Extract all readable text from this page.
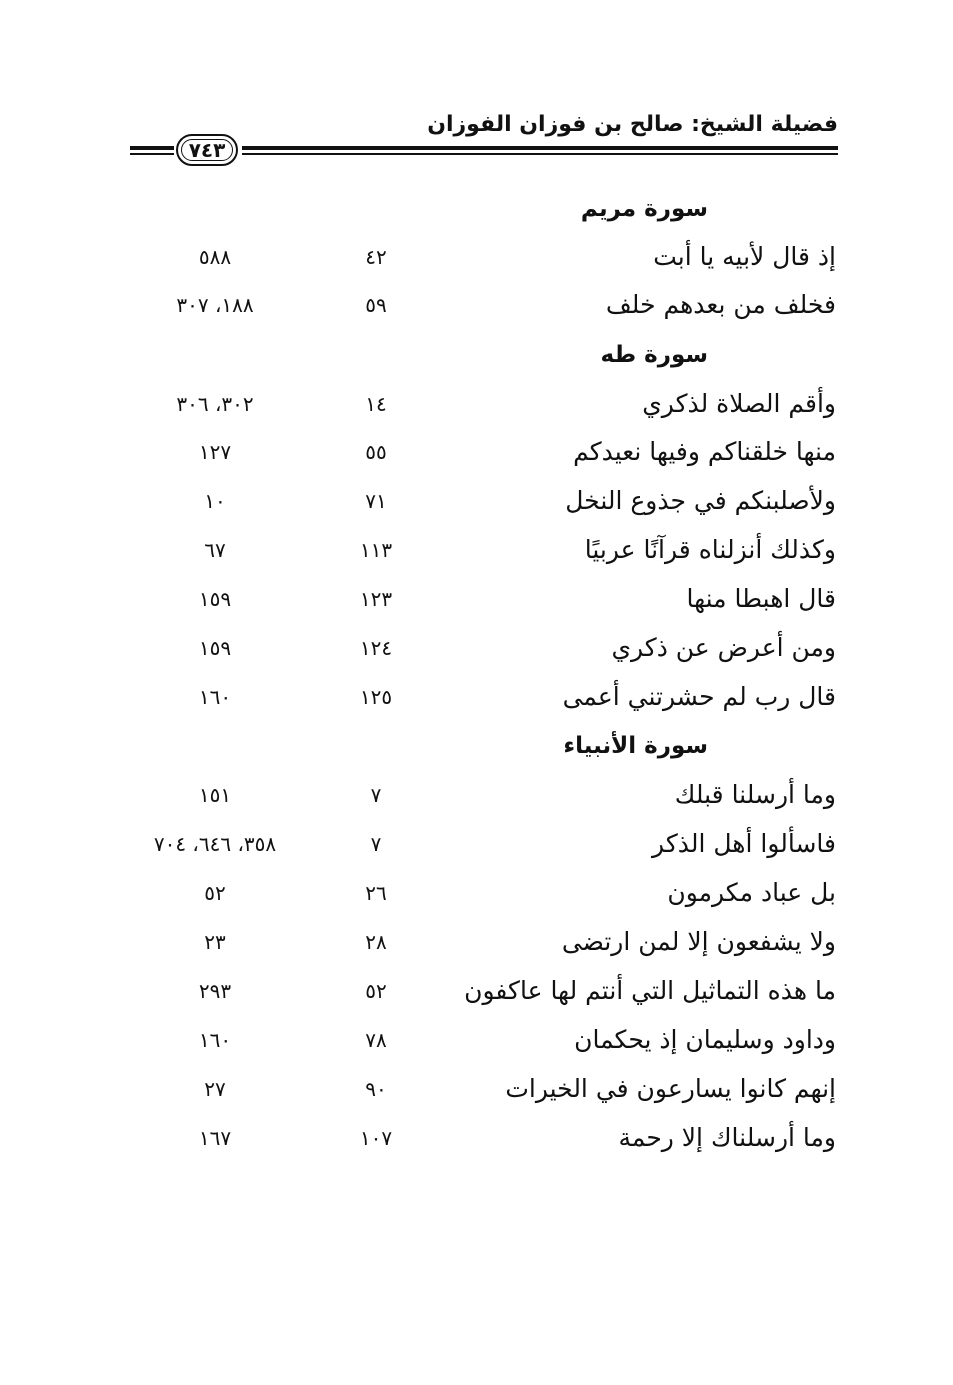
فضيلة الشيخ: صالح بن فوزان الفوزان
٧٤٣
سورة مريم
إذ قال لأبيه يا أبت
٤٢
٥٨٨
فخلف من بعدهم خلف
٥٩
١٨٨، ٣٠٧
سورة طه
وأقم الصلاة لذكري
١٤
٣٠٢، ٣٠٦
منها خلقناكم وفيها نعيدكم
٥٥
١٢٧
ولأصلبنكم في جذوع النخل
٧١
١٠
وكذلك أنزلناه قرآنًا عربيًا
١١٣
٦٧
قال اهبطا منها
١٢٣
١٥٩
ومن أعرض عن ذكري
١٢٤
١٥٩
قال رب لم حشرتني أعمى
١٢٥
١٦٠
سورة الأنبياء
وما أرسلنا قبلك
٧
١٥١
فاسألوا أهل الذكر
٧
٣٥٨، ٦٤٦، ٧٠٤
بل عباد مكرمون
٢٦
٥٢
ولا يشفعون إلا لمن ارتضى
٢٨
٢٣
ما هذه التماثيل التي أنتم لها عاكفون
٥٢
٢٩٣
وداود وسليمان إذ يحكمان
٧٨
١٦٠
إنهم كانوا يسارعون في الخيرات
٩٠
٢٧
وما أرسلناك إلا رحمة
١٠٧
١٦٧
